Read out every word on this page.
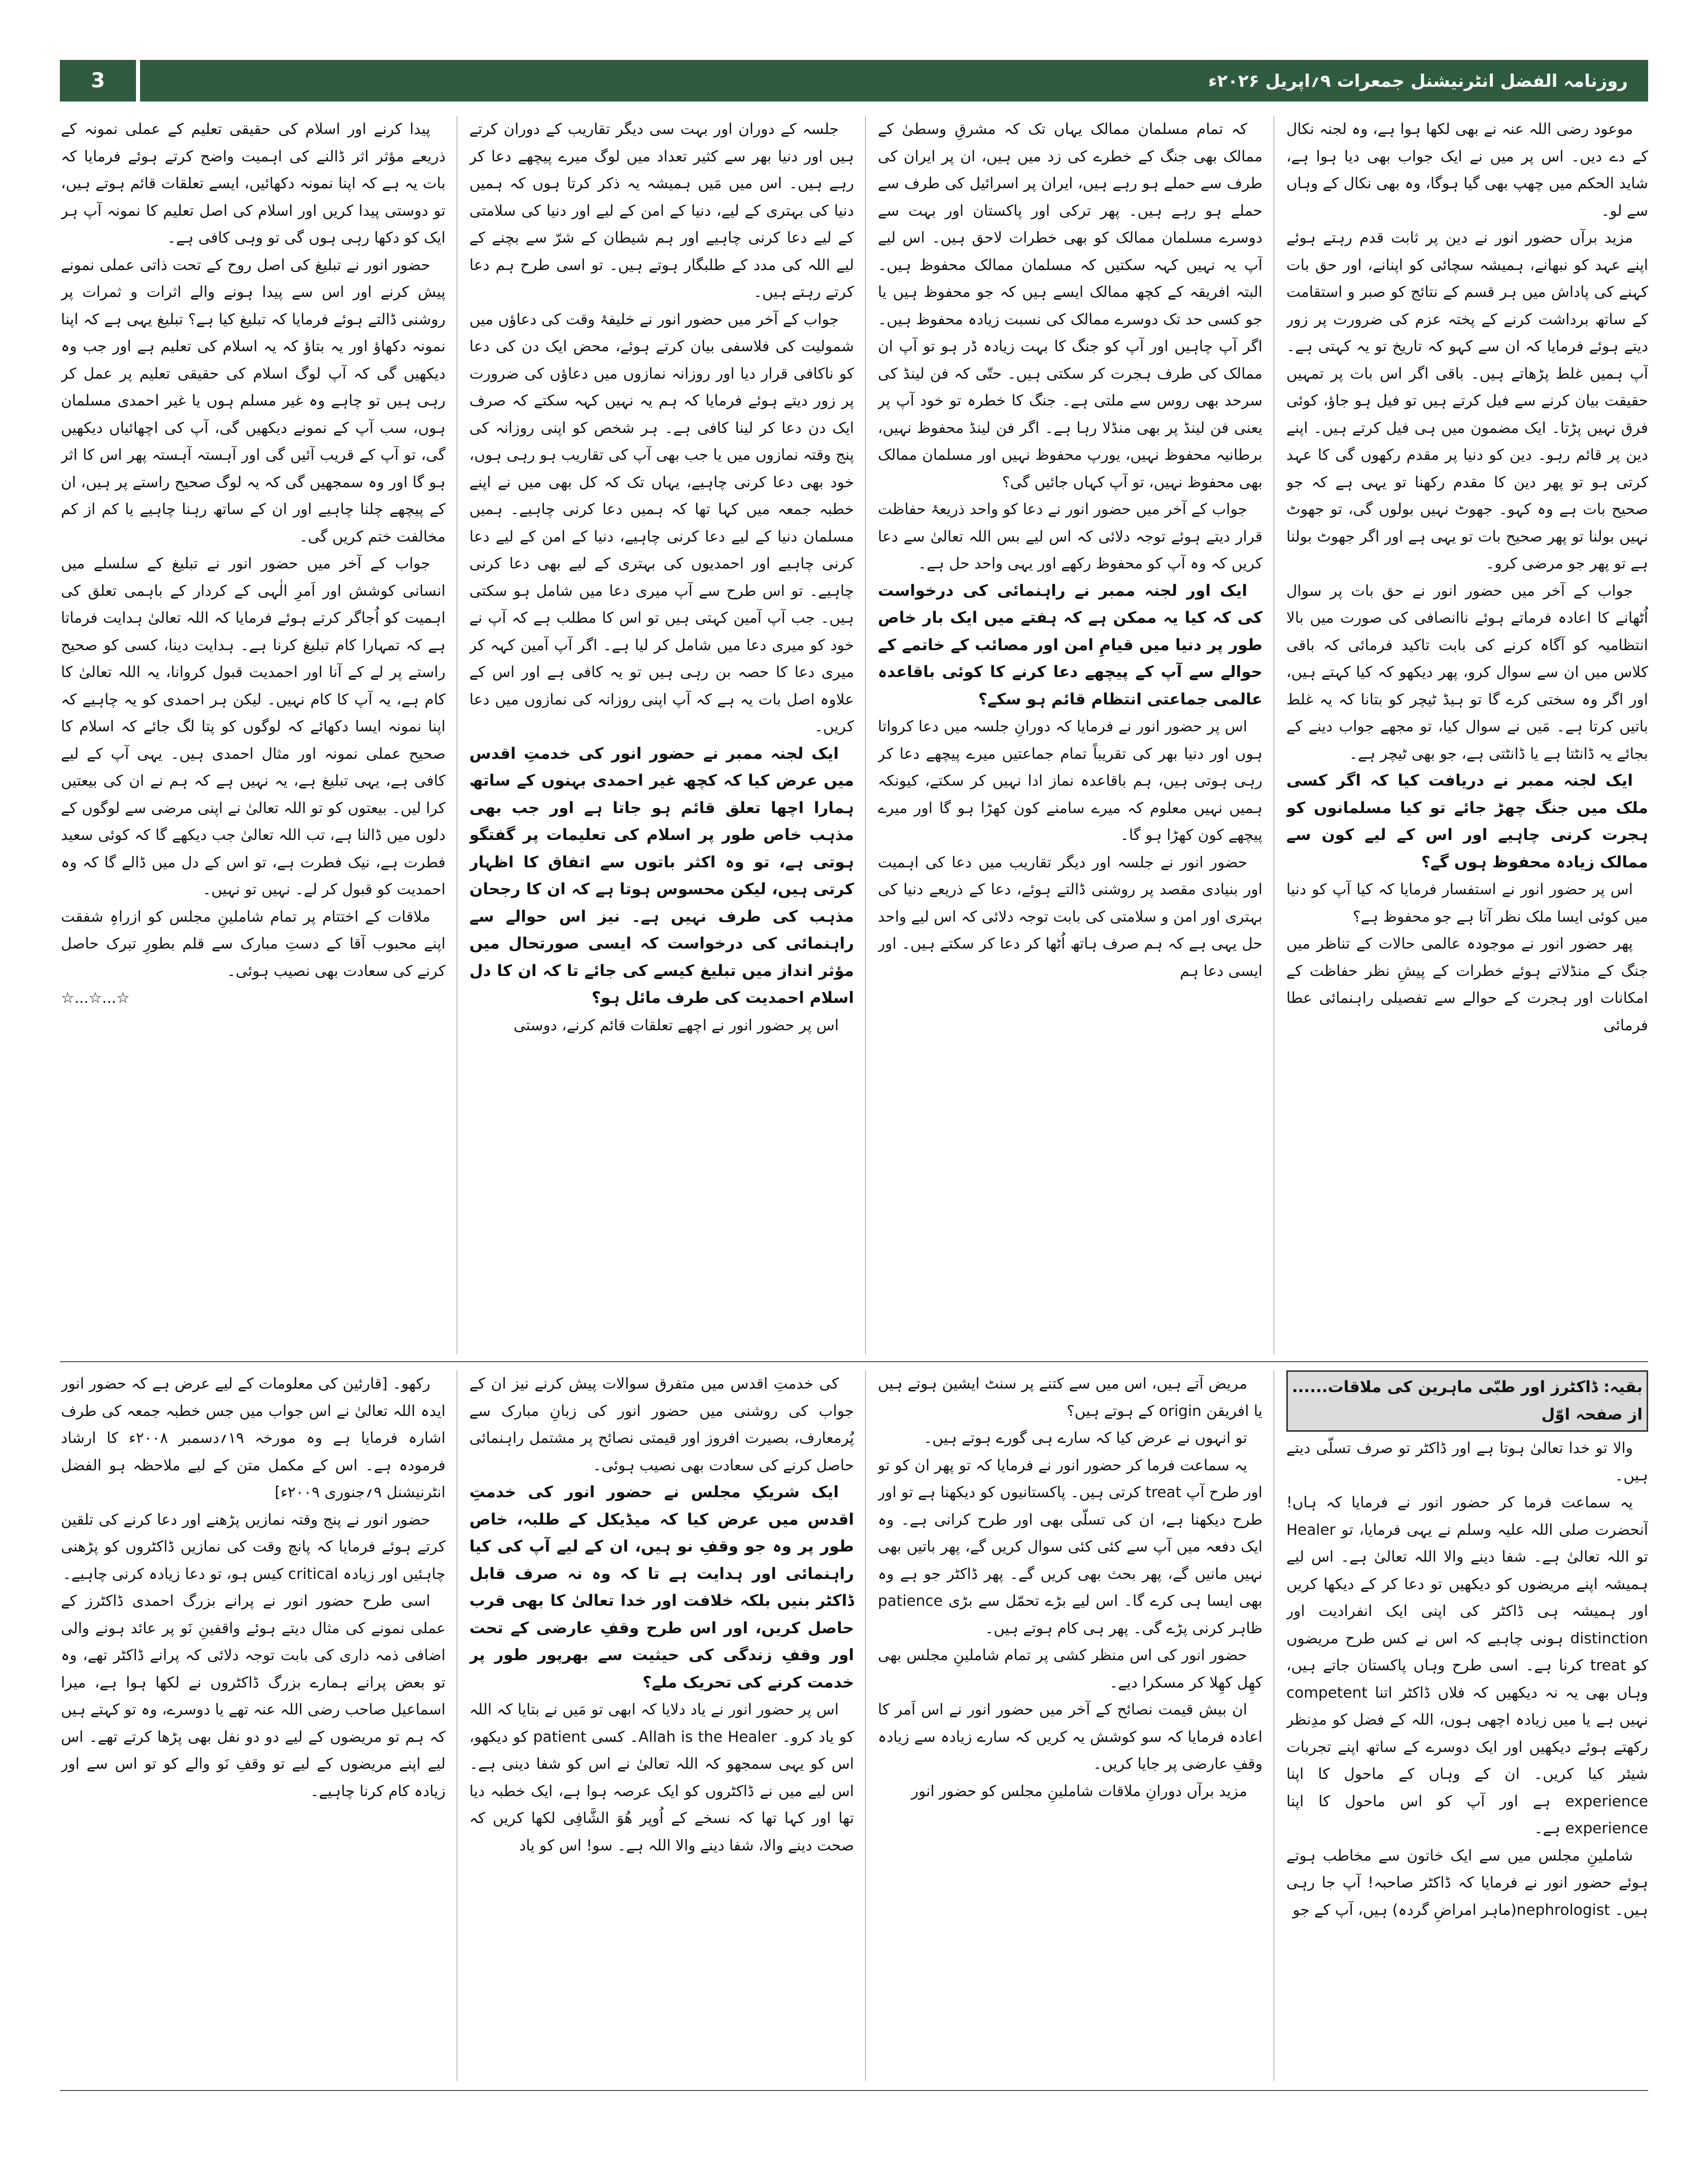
3	روزنامہ الفضل انٹرنیشنل جمعرات ۹؍اپریل ۲۰۲۶ء

موعود رضی اللہ عنہ نے بھی لکھا ہوا ہے، وہ لجنہ نکال کے دے دیں۔ اس پر میں نے ایک جواب بھی دیا ہوا ہے، شاید الحکم میں چھپ بھی گیا ہوگا، وہ بھی نکال کے وہاں سے لو۔

مزید برآں حضور انور نے دین پر ثابت قدم رہتے ہوئے اپنے عہد کو نبھانے، ہمیشہ سچائی کو اپنانے، اور حق بات کہنے کی پاداش میں ہر قسم کے نتائج کو صبر و استقامت کے ساتھ برداشت کرنے کے پختہ عزم کی ضرورت پر زور دیتے ہوئے فرمایا کہ ان سے کہو کہ تاریخ تو یہ کہتی ہے۔ آپ ہمیں غلط پڑھاتے ہیں۔ باقی اگر اس بات پر تمہیں حقیقت بیان کرنے سے فیل کرتے ہیں تو فیل ہو جاؤ، کوئی فرق نہیں پڑتا۔ ایک مضمون میں ہی فیل کرتے ہیں۔ اپنے دین پر قائم رہو۔ دین کو دنیا پر مقدم رکھوں گی کا عہد کرتی ہو تو پھر دین کا مقدم رکھنا تو یہی ہے کہ جو صحیح بات ہے وہ کہو۔ جھوٹ نہیں بولوں گی، تو جھوٹ نہیں بولنا تو پھر صحیح بات تو یہی ہے اور اگر جھوٹ بولنا ہے تو پھر جو مرضی کرو۔

جواب کے آخر میں حضور انور نے حق بات پر سوال اُٹھانے کا اعادہ فرماتے ہوئے ناانصافی کی صورت میں بالا انتظامیہ کو آگاہ کرنے کی بابت تاکید فرمائی کہ باقی کلاس میں ان سے سوال کرو، پھر دیکھو کہ کیا کہتے ہیں، اور اگر وہ سختی کرے گا تو ہیڈ ٹیچر کو بتانا کہ یہ غلط باتیں کرتا ہے۔ مَیں نے سوال کیا، تو مجھے جواب دینے کے بجائے یہ ڈانٹتا ہے یا ڈانٹتی ہے، جو بھی ٹیچر ہے۔

ایک لجنہ ممبر نے دریافت کیا کہ اگر کسی ملک میں جنگ چھڑ جائے تو کیا مسلمانوں کو ہجرت کرنی چاہیے اور اس کے لیے کون سے ممالک زیادہ محفوظ ہوں گے؟

اس پر حضور انور نے استفسار فرمایا کہ کیا آپ کو دنیا میں کوئی ایسا ملک نظر آتا ہے جو محفوظ ہے؟

پھر حضور انور نے موجودہ عالمی حالات کے تناظر میں جنگ کے منڈلاتے ہوئے خطرات کے پیشِ نظر حفاظت کے امکانات اور ہجرت کے حوالے سے تفصیلی راہنمائی عطا فرمائی

کہ تمام مسلمان ممالک یہاں تک کہ مشرقِ وسطیٰ کے ممالک بھی جنگ کے خطرے کی زد میں ہیں، ان پر ایران کی طرف سے حملے ہو رہے ہیں، ایران پر اسرائیل کی طرف سے حملے ہو رہے ہیں۔ پھر ترکی اور پاکستان اور بہت سے دوسرے مسلمان ممالک کو بھی خطرات لاحق ہیں۔ اس لیے آپ یہ نہیں کہہ سکتیں کہ مسلمان ممالک محفوظ ہیں۔ البتہ افریقہ کے کچھ ممالک ایسے ہیں کہ جو محفوظ ہیں یا جو کسی حد تک دوسرے ممالک کی نسبت زیادہ محفوظ ہیں۔ اگر آپ چاہیں اور آپ کو جنگ کا بہت زیادہ ڈر ہو تو آپ ان ممالک کی طرف ہجرت کر سکتی ہیں۔ حتّی کہ فن لینڈ کی سرحد بھی روس سے ملتی ہے۔ جنگ کا خطرہ تو خود آپ پر یعنی فن لینڈ پر بھی منڈلا رہا ہے۔ اگر فن لینڈ محفوظ نہیں، برطانیہ محفوظ نہیں، یورپ محفوظ نہیں اور مسلمان ممالک بھی محفوظ نہیں، تو آپ کہاں جائیں گی؟

جواب کے آخر میں حضور انور نے دعا کو واحد ذریعۂ حفاظت قرار دیتے ہوئے توجہ دلائی کہ اس لیے بس اللہ تعالیٰ سے دعا کریں کہ وہ آپ کو محفوظ رکھے اور یہی واحد حل ہے۔

ایک اور لجنہ ممبر نے راہنمائی کی درخواست کی کہ کیا یہ ممکن ہے کہ ہفتے میں ایک بار خاص طور پر دنیا میں قیامِ امن اور مصائب کے خاتمے کے حوالے سے آپ کے پیچھے دعا کرنے کا کوئی باقاعدہ عالمی جماعتی انتظام قائم ہو سکے؟

اس پر حضور انور نے فرمایا کہ دورانِ جلسہ میں دعا کرواتا ہوں اور دنیا بھر کی تقریباً تمام جماعتیں میرے پیچھے دعا کر رہی ہوتی ہیں، ہم باقاعدہ نماز ادا نہیں کر سکتے، کیونکہ ہمیں نہیں معلوم کہ میرے سامنے کون کھڑا ہو گا اور میرے پیچھے کون کھڑا ہو گا۔

حضور انور نے جلسہ اور دیگر تقاریب میں دعا کی اہمیت اور بنیادی مقصد پر روشنی ڈالتے ہوئے، دعا کے ذریعے دنیا کی بہتری اور امن و سلامتی کی بابت توجہ دلائی کہ اس لیے واحد حل یہی ہے کہ ہم صرف ہاتھ اُٹھا کر دعا کر سکتے ہیں۔ اور ایسی دعا ہم

جلسہ کے دوران اور بہت سی دیگر تقاریب کے دوران کرتے ہیں اور دنیا بھر سے کثیر تعداد میں لوگ میرے پیچھے دعا کر رہے ہیں۔ اس میں مَیں ہمیشہ یہ ذکر کرتا ہوں کہ ہمیں دنیا کی بہتری کے لیے، دنیا کے امن کے لیے اور دنیا کی سلامتی کے لیے دعا کرنی چاہیے اور ہم شیطان کے شرّ سے بچنے کے لیے اللہ کی مدد کے طلبگار ہوتے ہیں۔ تو اسی طرح ہم دعا کرتے رہتے ہیں۔

جواب کے آخر میں حضور انور نے خلیفۂ وقت کی دعاؤں میں شمولیت کی فلاسفی بیان کرتے ہوئے، محض ایک دن کی دعا کو ناکافی قرار دیا اور روزانہ نمازوں میں دعاؤں کی ضرورت پر زور دیتے ہوئے فرمایا کہ ہم یہ نہیں کہہ سکتے کہ صرف ایک دن دعا کر لینا کافی ہے۔ ہر شخص کو اپنی روزانہ کی پنج وقتہ نمازوں میں یا جب بھی آپ کی تقاریب ہو رہی ہوں، خود بھی دعا کرنی چاہیے، یہاں تک کہ کل بھی میں نے اپنے خطبہ جمعہ میں کہا تھا کہ ہمیں دعا کرنی چاہیے۔ ہمیں مسلمان دنیا کے لیے دعا کرنی چاہیے، دنیا کے امن کے لیے دعا کرنی چاہیے اور احمدیوں کی بہتری کے لیے بھی دعا کرنی چاہیے۔ تو اس طرح سے آپ میری دعا میں شامل ہو سکتی ہیں۔ جب آپ آمین کہتی ہیں تو اس کا مطلب ہے کہ آپ نے خود کو میری دعا میں شامل کر لیا ہے۔ اگر آپ آمین کہہ کر میری دعا کا حصہ بن رہی ہیں تو یہ کافی ہے اور اس کے علاوہ اصل بات یہ ہے کہ آپ اپنی روزانہ کی نمازوں میں دعا کریں۔

ایک لجنہ ممبر نے حضور انور کی خدمتِ اقدس میں عرض کیا کہ کچھ غیر احمدی بہنوں کے ساتھ ہمارا اچھا تعلق قائم ہو جاتا ہے اور جب بھی مذہب خاص طور پر اسلام کی تعلیمات پر گفتگو ہوتی ہے، تو وہ اکثر باتوں سے اتفاق کا اظہار کرتی ہیں، لیکن محسوس ہوتا ہے کہ ان کا رجحان مذہب کی طرف نہیں ہے۔ نیز اس حوالے سے راہنمائی کی درخواست کہ ایسی صورتحال میں مؤثر انداز میں تبلیغ کیسے کی جائے تا کہ ان کا دل اسلام احمدیت کی طرف مائل ہو؟

اس پر حضور انور نے اچھے تعلقات قائم کرنے، دوستی

پیدا کرنے اور اسلام کی حقیقی تعلیم کے عملی نمونہ کے ذریعے مؤثر اثر ڈالنے کی اہمیت واضح کرتے ہوئے فرمایا کہ بات یہ ہے کہ اپنا نمونہ دکھائیں، ایسے تعلقات قائم ہوتے ہیں، تو دوستی پیدا کریں اور اسلام کی اصل تعلیم کا نمونہ آپ ہر ایک کو دکھا رہی ہوں گی تو وہی کافی ہے۔

حضور انور نے تبلیغ کی اصل روح کے تحت ذاتی عملی نمونے پیش کرنے اور اس سے پیدا ہونے والے اثرات و ثمرات پر روشنی ڈالتے ہوئے فرمایا کہ تبلیغ کیا ہے؟ تبلیغ یہی ہے کہ اپنا نمونہ دکھاؤ اور یہ بتاؤ کہ یہ اسلام کی تعلیم ہے اور جب وہ دیکھیں گی کہ آپ لوگ اسلام کی حقیقی تعلیم پر عمل کر رہی ہیں تو چاہے وہ غیر مسلم ہوں یا غیر احمدی مسلمان ہوں، سب آپ کے نمونے دیکھیں گی، آپ کی اچھائیاں دیکھیں گی، تو آپ کے قریب آئیں گی اور آہستہ آہستہ پھر اس کا اثر ہو گا اور وہ سمجھیں گی کہ یہ لوگ صحیح راستے پر ہیں، ان کے پیچھے چلنا چاہیے اور ان کے ساتھ رہنا چاہیے یا کم از کم مخالفت ختم کریں گی۔

جواب کے آخر میں حضور انور نے تبلیغ کے سلسلے میں انسانی کوشش اور اَمرِ الٰہی کے کردار کے باہمی تعلق کی اہمیت کو اُجاگر کرتے ہوئے فرمایا کہ اللہ تعالیٰ ہدایت فرماتا ہے کہ تمہارا کام تبلیغ کرنا ہے۔ ہدایت دینا، کسی کو صحیح راستے پر لے کے آنا اور احمدیت قبول کروانا، یہ اللہ تعالیٰ کا کام ہے، یہ آپ کا کام نہیں۔ لیکن ہر احمدی کو یہ چاہیے کہ اپنا نمونہ ایسا دکھائے کہ لوگوں کو پتا لگ جائے کہ اسلام کا صحیح عملی نمونہ اور مثال احمدی ہیں۔ یہی آپ کے لیے کافی ہے، یہی تبلیغ ہے، یہ نہیں ہے کہ ہم نے ان کی بیعتیں کرا لیں۔ بیعتوں کو تو اللہ تعالیٰ نے اپنی مرضی سے لوگوں کے دلوں میں ڈالنا ہے، تب اللہ تعالیٰ جب دیکھے گا کہ کوئی سعید فطرت ہے، نیک فطرت ہے، تو اس کے دل میں ڈالے گا کہ وہ احمدیت کو قبول کر لے۔ نہیں تو نہیں۔

ملاقات کے اختتام پر تمام شاملینِ مجلس کو ازراہِ شفقت اپنے محبوب آقا کے دستِ مبارک سے قلم بطورِ تبرک حاصل کرنے کی سعادت بھی نصیب ہوئی۔

☆...☆...☆

بقیہ: ڈاکٹرز اور طبّی ماہرین کی ملاقات...... از صفحہ اوّل

والا تو خدا تعالیٰ ہوتا ہے اور ڈاکٹر تو صرف تسلّی دیتے ہیں۔

یہ سماعت فرما کر حضور انور نے فرمایا کہ ہاں! آنحضرت صلی اللہ علیہ وسلم نے یہی فرمایا، تو Healer تو اللہ تعالیٰ ہے۔ شفا دینے والا اللہ تعالیٰ ہے۔ اس لیے ہمیشہ اپنے مریضوں کو دیکھیں تو دعا کر کے دیکھا کریں اور ہمیشہ ہی ڈاکٹر کی اپنی ایک انفرادیت اور distinction ہونی چاہیے کہ اس نے کس طرح مریضوں کو treat کرنا ہے۔ اسی طرح وہاں پاکستان جاتے ہیں، وہاں بھی یہ نہ دیکھیں کہ فلاں ڈاکٹر اتنا competent نہیں ہے یا میں زیادہ اچھی ہوں، اللہ کے فضل کو مدِنظر رکھتے ہوئے دیکھیں اور ایک دوسرے کے ساتھ اپنے تجربات شیئر کیا کریں۔ ان کے وہاں کے ماحول کا اپنا experience ہے اور آپ کو اس ماحول کا اپنا experience ہے۔

شاملینِ مجلس میں سے ایک خاتون سے مخاطب ہوتے ہوئے حضور انور نے فرمایا کہ ڈاکٹر صاحبہ! آپ جا رہی ہیں۔ nephrologist(ماہر امراضِ گردہ) ہیں، آپ کے جو

مریض آتے ہیں، اس میں سے کتنے پر سنٹ ایشین ہوتے ہیں یا افریقن origin کے ہوتے ہیں؟

تو انہوں نے عرض کیا کہ سارے ہی گورے ہوتے ہیں۔

یہ سماعت فرما کر حضور انور نے فرمایا کہ تو پھر ان کو تو اور طرح آپ treat کرتی ہیں۔ پاکستانیوں کو دیکھنا ہے تو اور طرح دیکھنا ہے، ان کی تسلّی بھی اور طرح کرانی ہے۔ وہ ایک دفعہ میں آپ سے کئی کئی سوال کریں گے، پھر باتیں بھی نہیں مانیں گے، پھر بحث بھی کریں گے۔ پھر ڈاکٹر جو ہے وہ بھی ایسا ہی کرے گا۔ اس لیے بڑے تحمّل سے بڑی patience ظاہر کرنی پڑے گی۔ پھر ہی کام ہوتے ہیں۔

حضور انور کی اس منظر کشی پر تمام شاملینِ مجلس بھی کھِل کھِلا کر مسکرا دیے۔

ان بیش قیمت نصائح کے آخر میں حضور انور نے اس اَمر کا اعادہ فرمایا کہ سو کوشش یہ کریں کہ سارے زیادہ سے زیادہ وقفِ عارضی پر جایا کریں۔

مزید برآں دورانِ ملاقات شاملینِ مجلس کو حضور انور

کی خدمتِ اقدس میں متفرق سوالات پیش کرنے نیز ان کے جواب کی روشنی میں حضور انور کی زبانِ مبارک سے پُرمعارف، بصیرت افروز اور قیمتی نصائح پر مشتمل راہنمائی حاصل کرنے کی سعادت بھی نصیب ہوئی۔

ایک شریکِ مجلس نے حضور انور کی خدمتِ اقدس میں عرض کیا کہ میڈیکل کے طلبہ، خاص طور پر وہ جو وقفِ نو ہیں، ان کے لیے آپ کی کیا راہنمائی اور ہدایت ہے تا کہ وہ نہ صرف قابل ڈاکٹر بنیں بلکہ خلافت اور خدا تعالیٰ کا بھی قرب حاصل کریں، اور اس طرح وقفِ عارضی کے تحت اور وقفِ زندگی کی حیثیت سے بھرپور طور پر خدمت کرنے کی تحریک ملے؟

اس پر حضور انور نے یاد دلایا کہ ابھی تو مَیں نے بتایا کہ اللہ کو یاد کرو۔ Allah is the Healer۔ کسی patient کو دیکھو، اس کو یہی سمجھو کہ اللہ تعالیٰ نے اس کو شفا دینی ہے۔ اس لیے میں نے ڈاکٹروں کو ایک عرصہ ہوا ہے، ایک خطبہ دیا تھا اور کہا تھا کہ نسخے کے اُوپر ھُوَ الشَّافِی لکھا کریں کہ صحت دینے والا، شفا دینے والا اللہ ہے۔ سو! اس کو یاد

رکھو۔ [قارئین کی معلومات کے لیے عرض ہے کہ حضور انور ایدہ اللہ تعالیٰ نے اس جواب میں جس خطبہ جمعہ کی طرف اشارہ فرمایا ہے وہ مورخہ ۱۹؍دسمبر ۲۰۰۸ء کا ارشاد فرمودہ ہے۔ اس کے مکمل متن کے لیے ملاحظہ ہو الفضل انٹرنیشنل ۹؍جنوری ۲۰۰۹ء]

حضور انور نے پنج وقتہ نمازیں پڑھنے اور دعا کرنے کی تلقین کرتے ہوئے فرمایا کہ پانچ وقت کی نمازیں ڈاکٹروں کو پڑھنی چاہئیں اور زیادہ critical کیس ہو، تو دعا زیادہ کرنی چاہیے۔

اسی طرح حضور انور نے پرانے بزرگ احمدی ڈاکٹرز کے عملی نمونے کی مثال دیتے ہوئے واقفینِ نَو پر عائد ہونے والی اضافی ذمہ داری کی بابت توجہ دلائی کہ پرانے ڈاکٹر تھے، وہ تو بعض پرانے ہمارے بزرگ ڈاکٹروں نے لکھا ہوا ہے، میرا اسماعیل صاحب رضی اللہ عنہ تھے یا دوسرے، وہ تو کہتے ہیں کہ ہم تو مریضوں کے لیے دو دو نفل بھی پڑھا کرتے تھے۔ اس لیے اپنے مریضوں کے لیے تو وقفِ نَو والے کو تو اس سے اور زیادہ کام کرنا چاہیے۔
